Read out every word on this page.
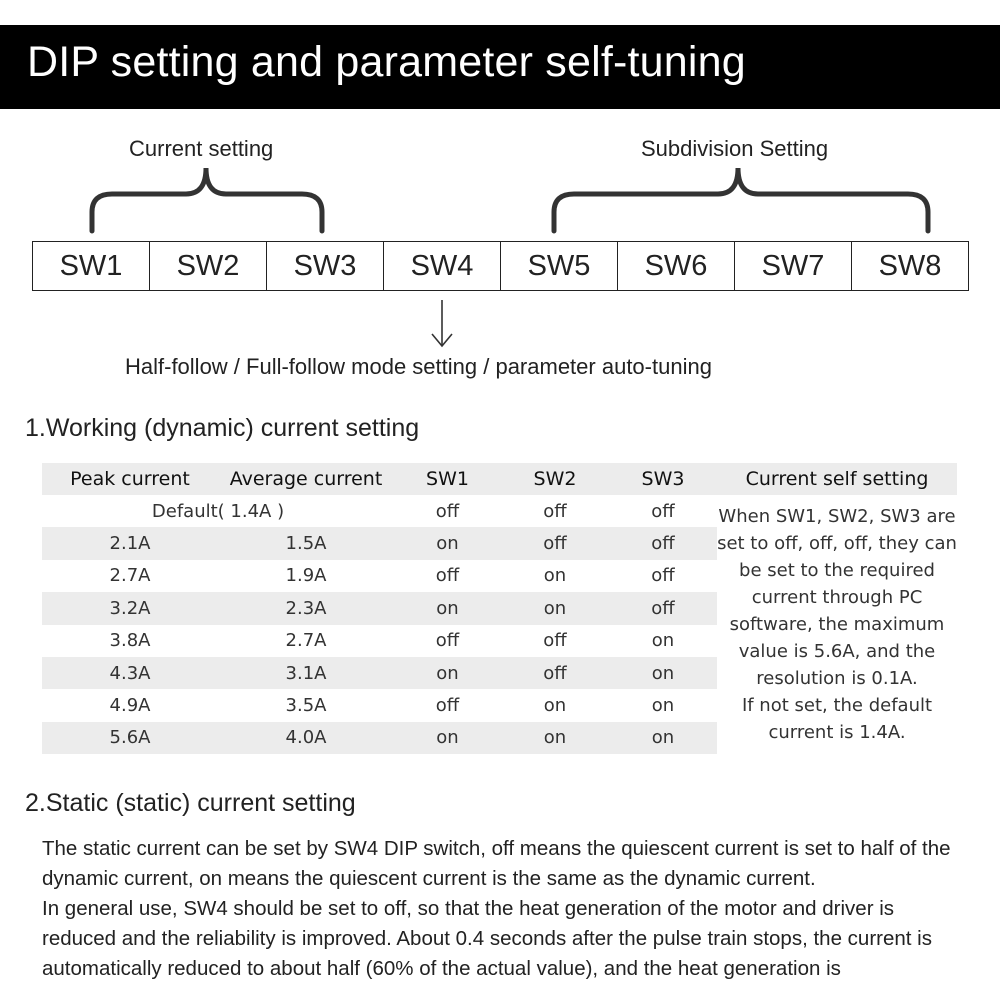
DIP setting and parameter self-tuning
Current setting	Subdivision Setting
SW1	SW2	SW3	SW4	SW5	SW6	SW7	SW8
Half-follow / Full-follow mode setting / parameter auto-tuning
1.Working (dynamic) current setting
Peak current	Average current	SW1	SW2	SW3
Default( 1.4A )		off	off	off
2.1A	1.5A	on	off	off
2.7A	1.9A	off	on	off
3.2A	2.3A	on	on	off
3.8A	2.7A	off	off	on
4.3A	3.1A	on	off	on
4.9A	3.5A	off	on	on
5.6A	4.0A	on	on	on
Current self setting
When SW1, SW2, SW3 are
set to off, off, off, they can
be set to the required
current through PC
software, the maximum
value is 5.6A, and the
resolution is 0.1A.
If not set, the default
current is 1.4A.
2.Static (static) current setting

The static current can be set by SW4 DIP switch, off means the quiescent current is set to half of the dynamic current, on means the quiescent current is the same as the dynamic current.

In general use, SW4 should be set to off, so that the heat generation of the motor and driver is reduced and the reliability is improved. About 0.4 seconds after the pulse train stops, the current is automatically reduced to about half (60% of the actual value), and the heat generation is
